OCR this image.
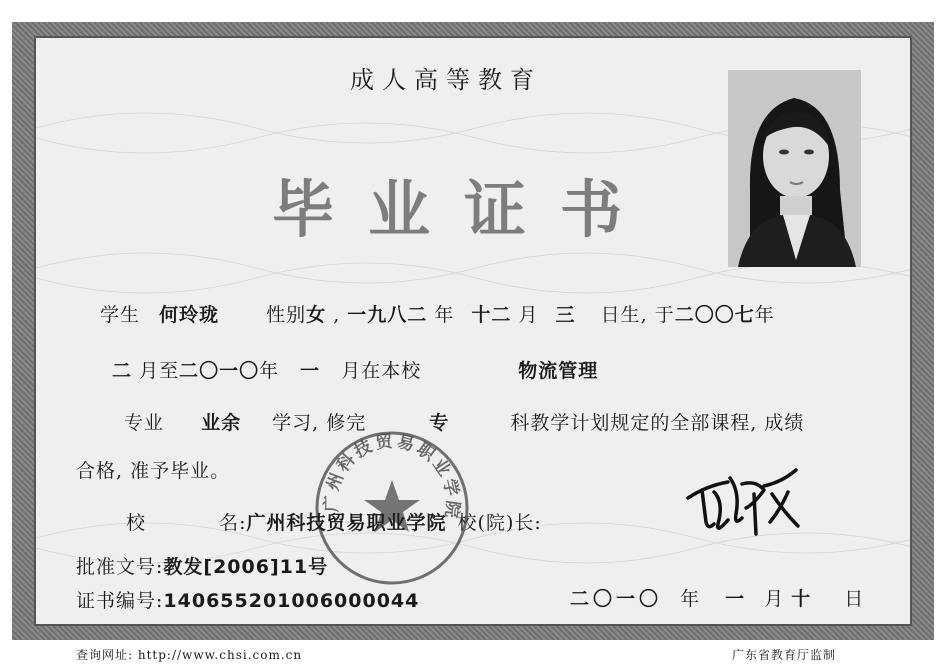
成人高等教育
毕业证书
学生 何玲珑 性别女 , 一九八二 年 十二 月 三 日生, 于二〇〇七年
二 月至二〇一〇年 一 月在本校	物流管理
专业 业余 学习, 修完	专	科教学计划规定的全部课程, 成绩
合格, 准予毕业。
广州科技贸易职业学院
校	名:广州科技贸易职业学院 校(院)长:
批准文号:教发[2006]11号
证书编号:140655201006000044	二〇一〇 年 一 月 十 日
查询网址: http://www.chsi.com.cn	广东省教育厅监制
